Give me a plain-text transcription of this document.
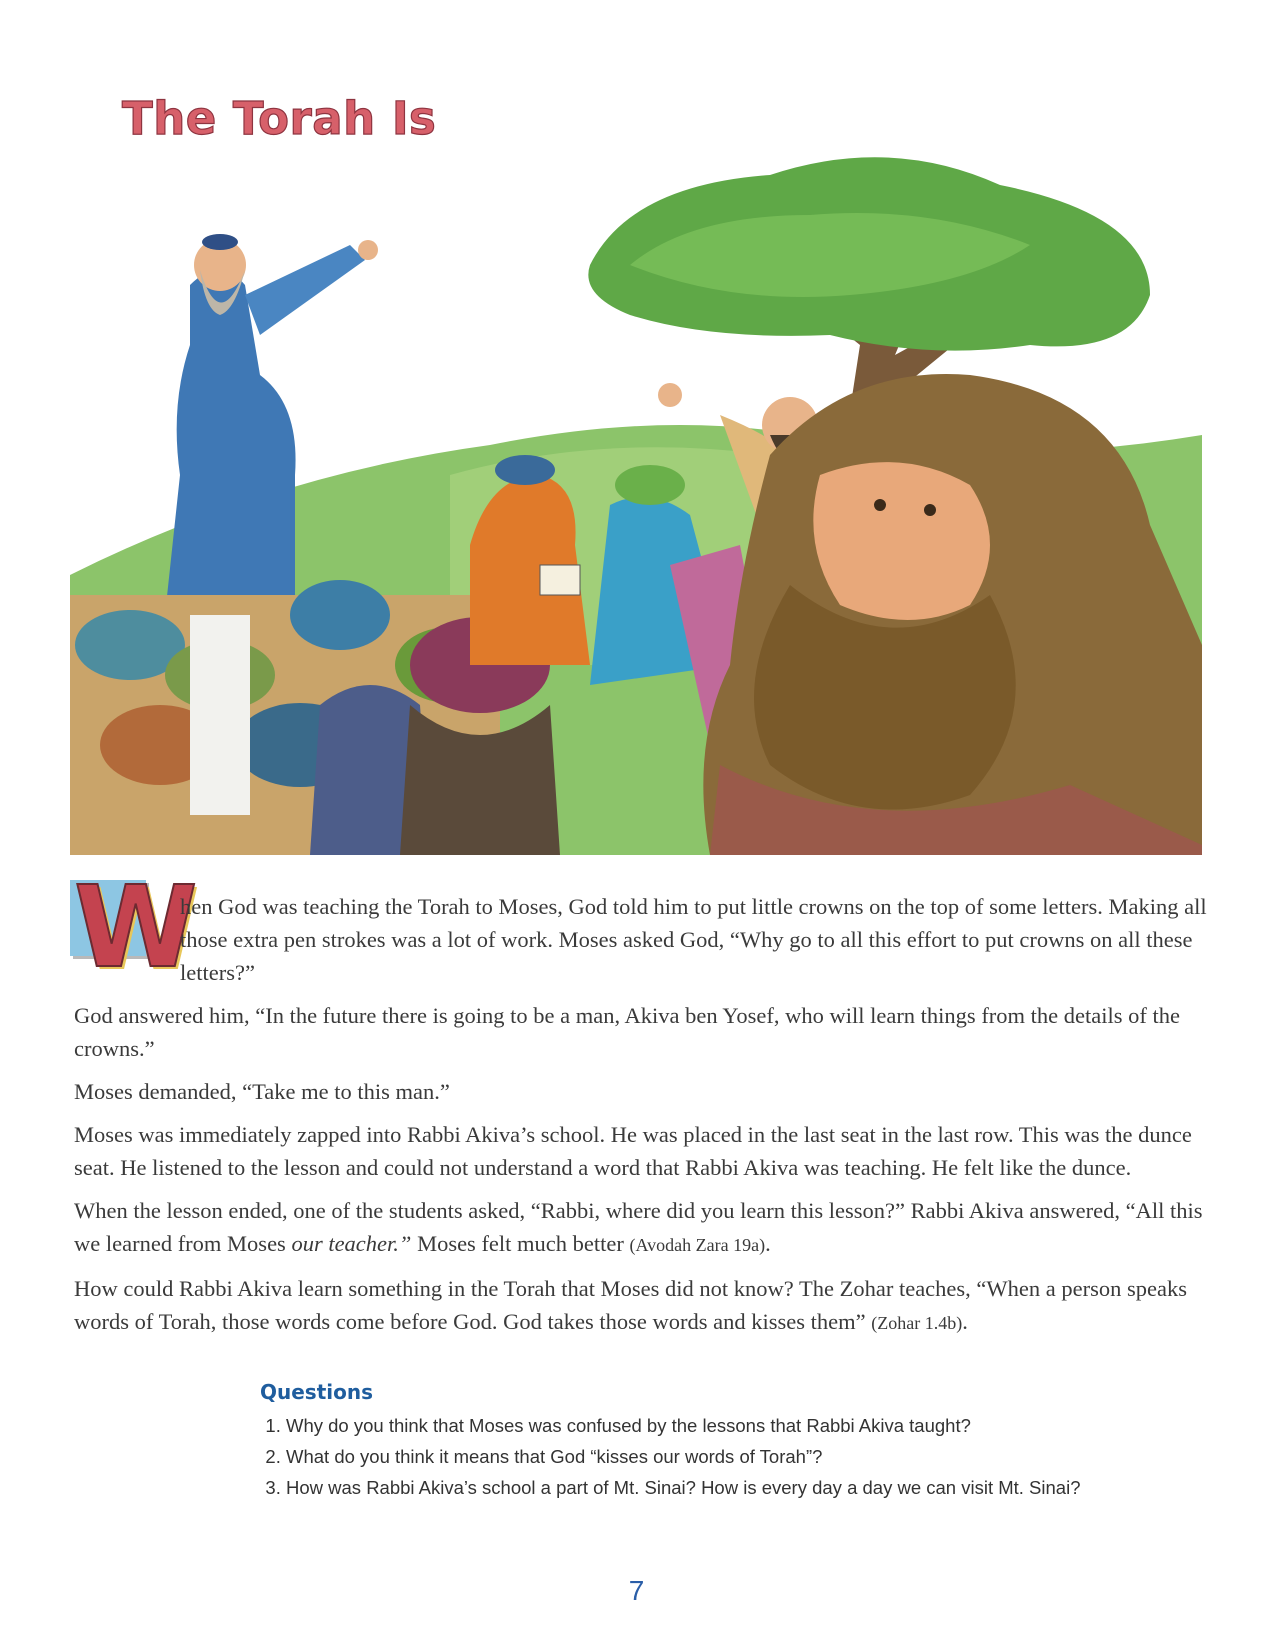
The Torah Is
W

hen God was teaching the Torah to Moses, God told him to put little crowns on the top of some letters. Making all those extra pen strokes was a lot of work. Moses asked God, “Why go to all this effort to put crowns on all these letters?”

God answered him, “In the future there is going to be a man, Akiva ben Yosef, who will learn things from the details of the crowns.”

Moses demanded, “Take me to this man.”

Moses was immediately zapped into Rabbi Akiva’s school. He was placed in the last seat in the last row. This was the dunce seat. He listened to the lesson and could not understand a word that Rabbi Akiva was teaching. He felt like the dunce.

When the lesson ended, one of the students asked, “Rabbi, where did you learn this lesson?” Rabbi Akiva answered, “All this we learned from Moses our teacher.” Moses felt much better (Avodah Zara 19a).

How could Rabbi Akiva learn something in the Torah that Moses did not know? The Zohar teaches, “When a person speaks words of Torah, those words come before God. God takes those words and kisses them” (Zohar 1.4b).

Questions
1. Why do you think that Moses was confused by the lessons that Rabbi Akiva taught?
2. What do you think it means that God “kisses our words of Torah”?
3. How was Rabbi Akiva’s school a part of Mt. Sinai? How is every day a day we can visit Mt. Sinai?
7
